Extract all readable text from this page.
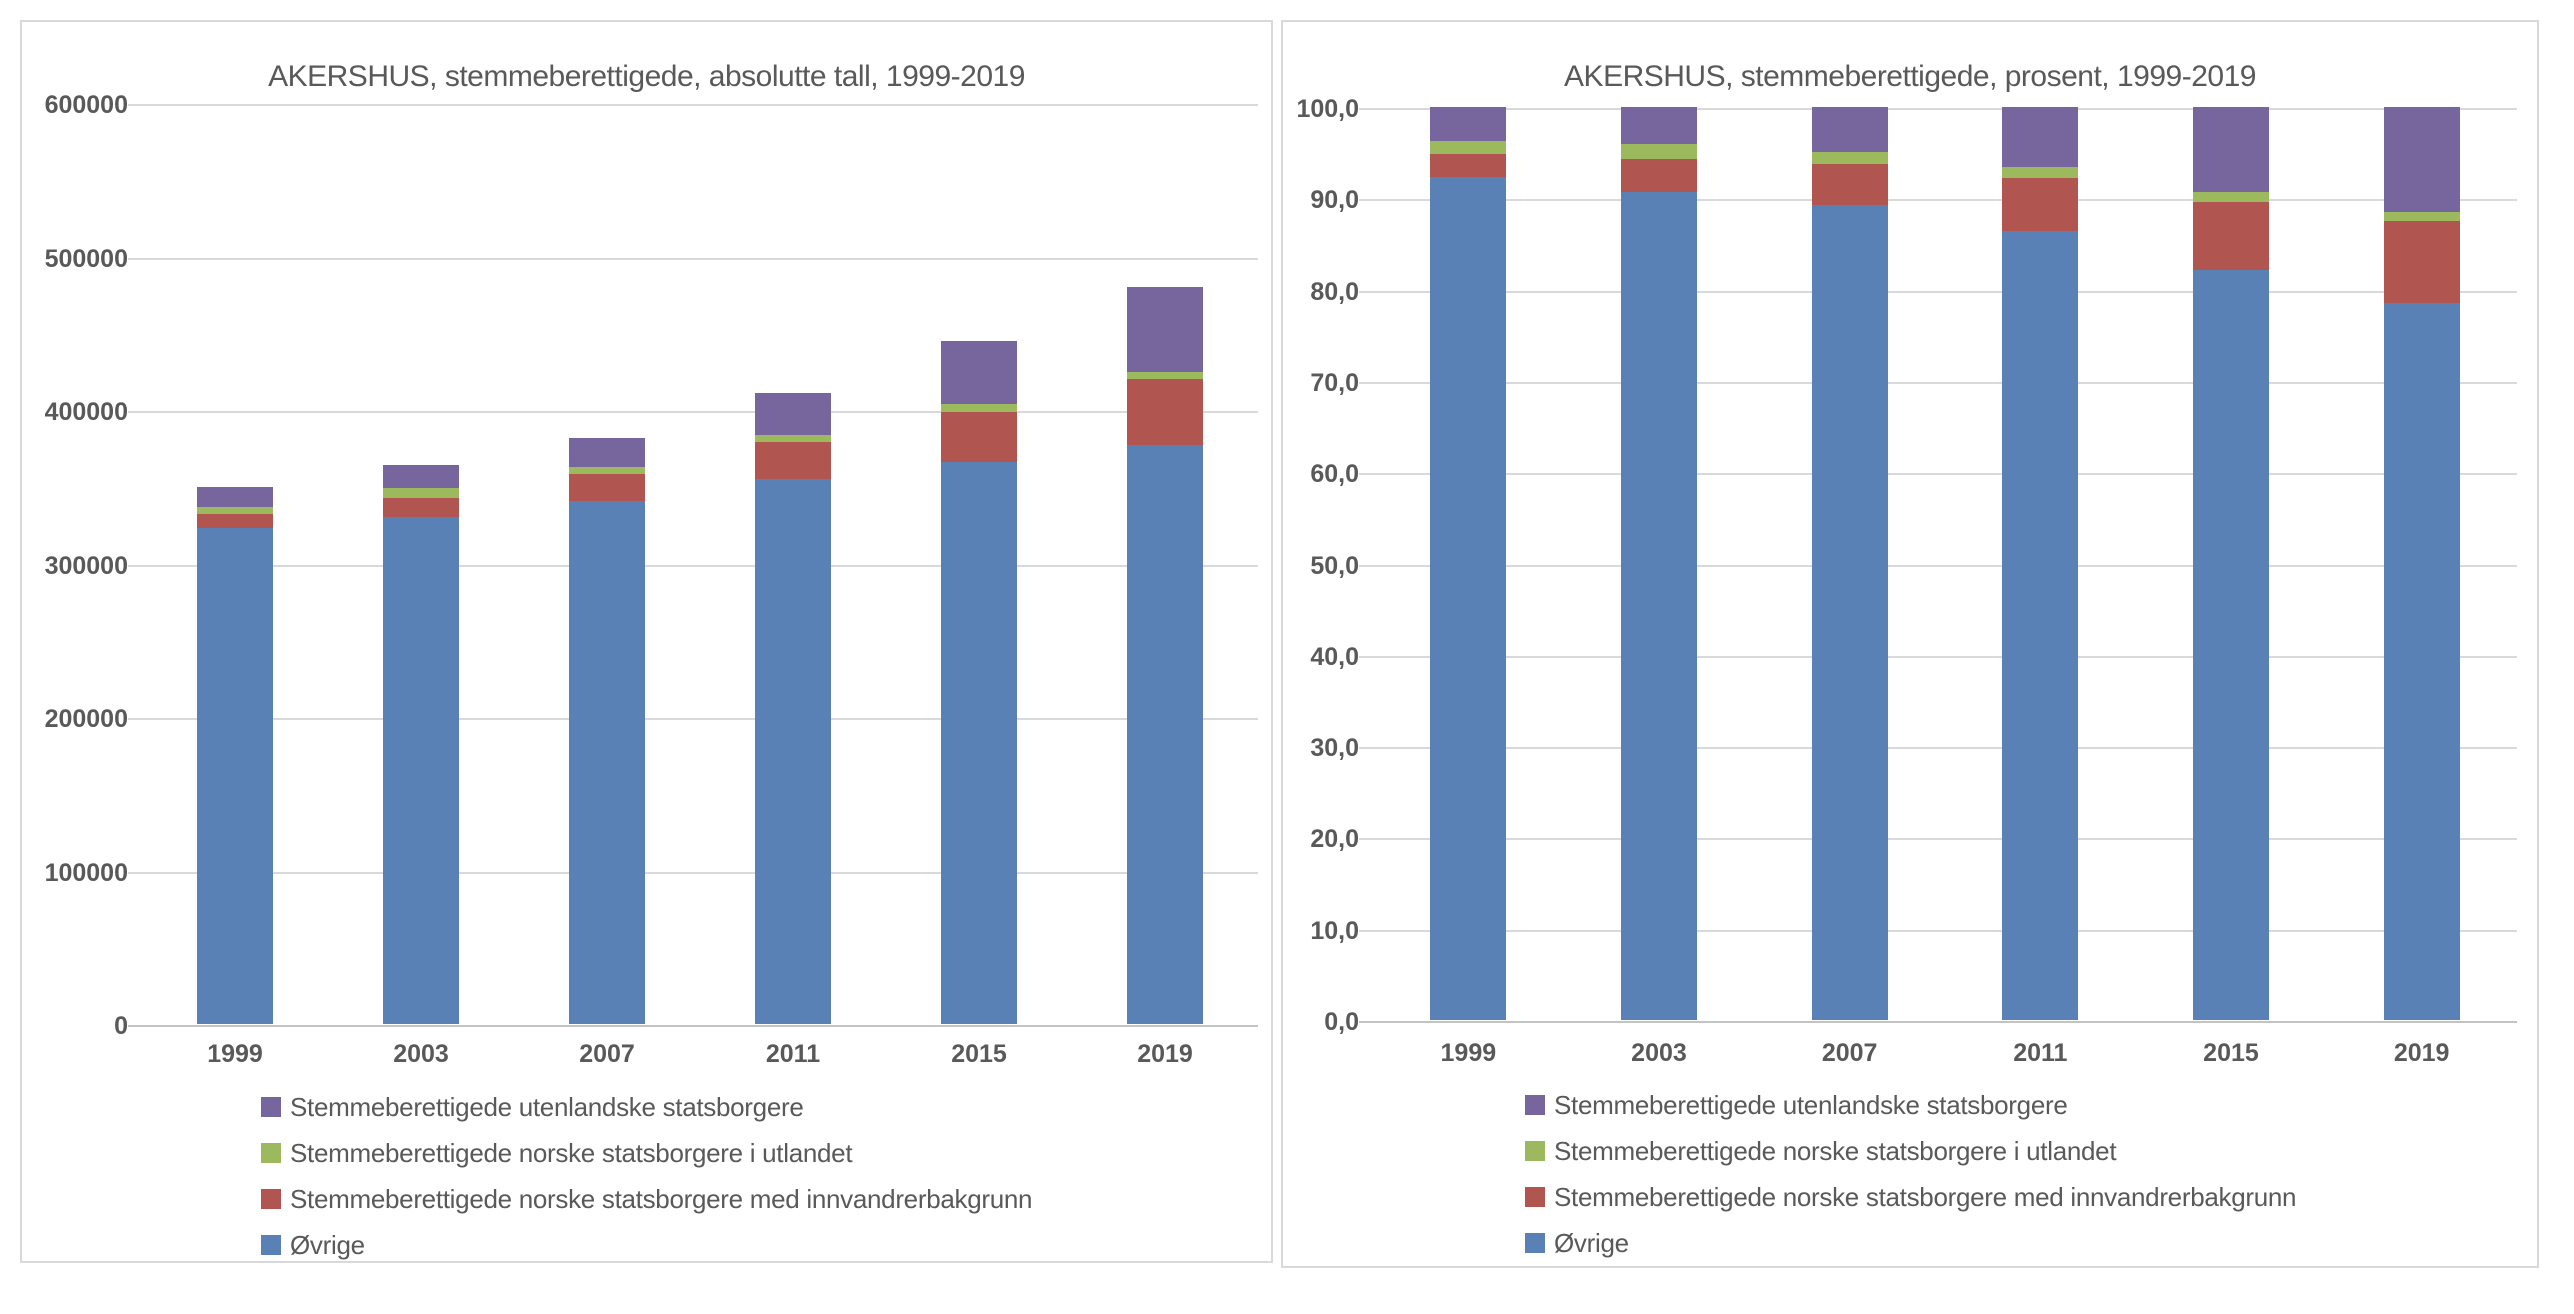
AKERSHUS, stemmeberettigede, absolutte tall, 1999-2019
600000
500000
400000
300000
200000
100000
0
1999	2003	2007	2011	2015	2019
Stemmeberettigede utenlandske statsborgere
Stemmeberettigede norske statsborgere i utlandet
Stemmeberettigede norske statsborgere med innvandrerbakgrunn
Øvrige
AKERSHUS, stemmeberettigede, prosent, 1999-2019
100,0
90,0
80,0
70,0
60,0
50,0
40,0
30,0
20,0
10,0
0,0
1999	2003	2007	2011	2015	2019
Stemmeberettigede utenlandske statsborgere
Stemmeberettigede norske statsborgere i utlandet
Stemmeberettigede norske statsborgere med innvandrerbakgrunn
Øvrige
